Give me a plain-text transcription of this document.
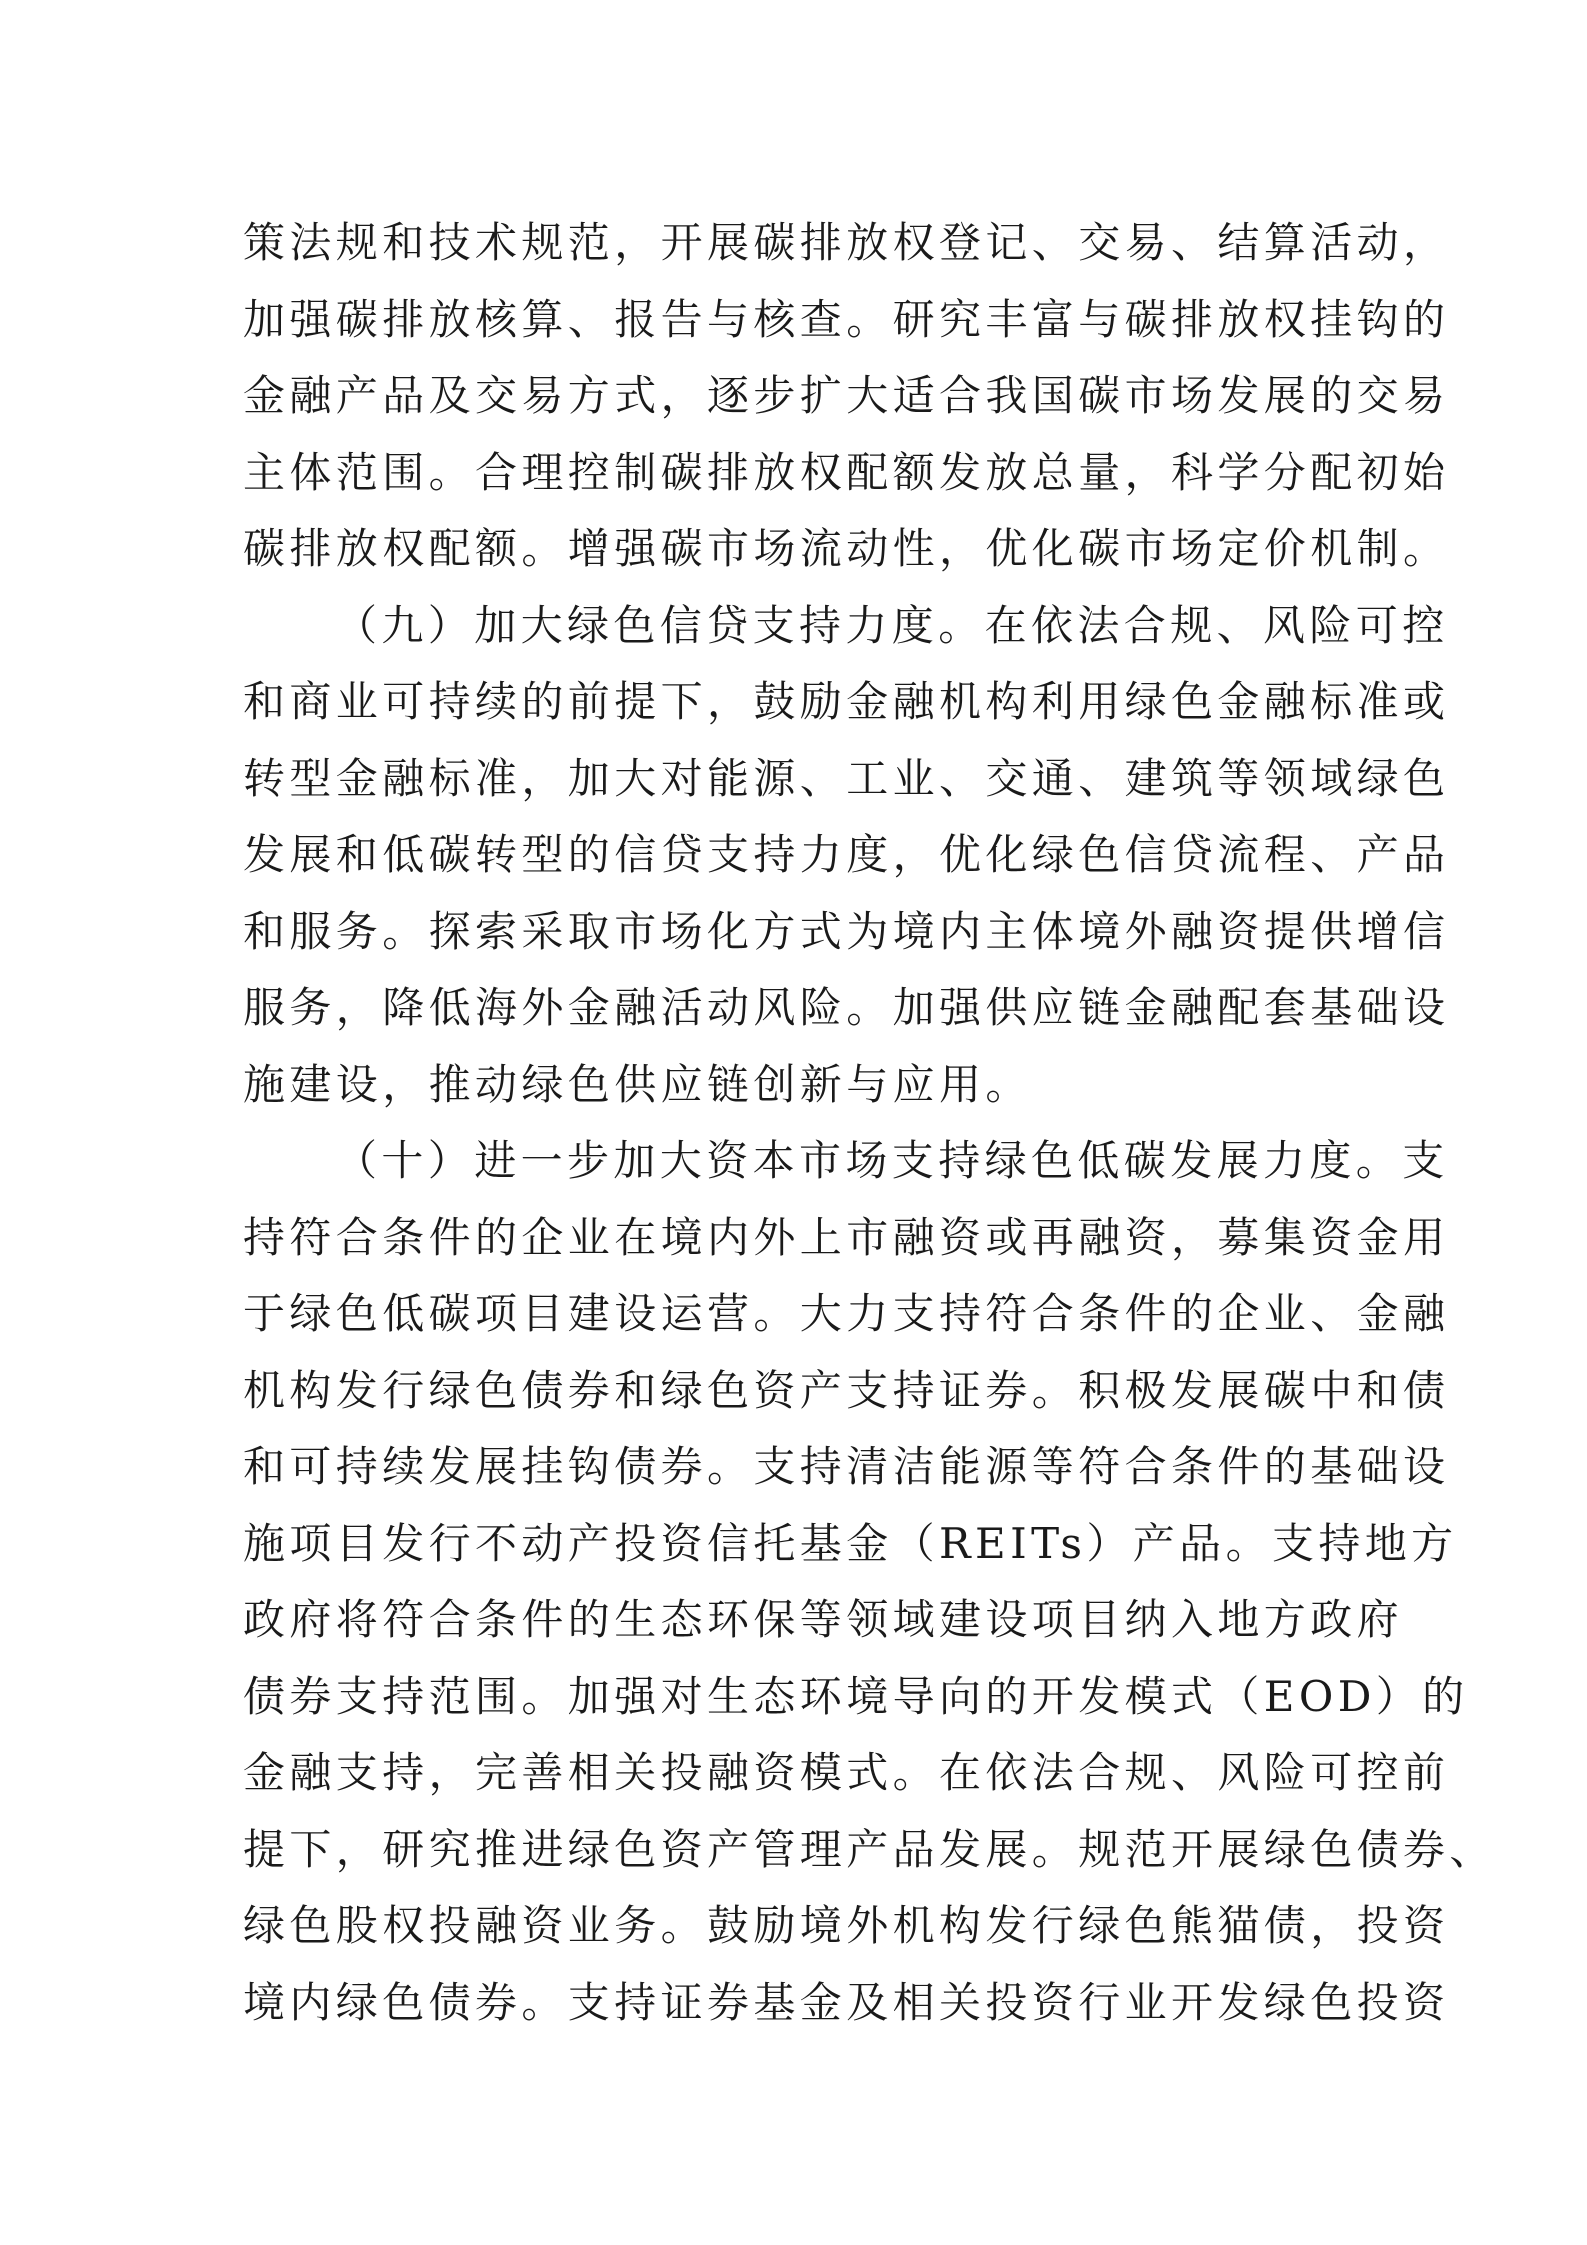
策法规和技术规范，开展碳排放权登记、交易、结算活动，
加强碳排放核算、报告与核查。研究丰富与碳排放权挂钩的
金融产品及交易方式，逐步扩大适合我国碳市场发展的交易
主体范围。合理控制碳排放权配额发放总量，科学分配初始
碳排放权配额。增强碳市场流动性，优化碳市场定价机制。
（九）加大绿色信贷支持力度。在依法合规、风险可控
和商业可持续的前提下，鼓励金融机构利用绿色金融标准或
转型金融标准，加大对能源、工业、交通、建筑等领域绿色
发展和低碳转型的信贷支持力度，优化绿色信贷流程、产品
和服务。探索采取市场化方式为境内主体境外融资提供增信
服务，降低海外金融活动风险。加强供应链金融配套基础设
施建设，推动绿色供应链创新与应用。
（十）进一步加大资本市场支持绿色低碳发展力度。支
持符合条件的企业在境内外上市融资或再融资，募集资金用
于绿色低碳项目建设运营。大力支持符合条件的企业、金融
机构发行绿色债券和绿色资产支持证券。积极发展碳中和债
和可持续发展挂钩债券。支持清洁能源等符合条件的基础设
施项目发行不动产投资信托基金（REITs）产品。支持地方
政府将符合条件的生态环保等领域建设项目纳入地方政府
债券支持范围。加强对生态环境导向的开发模式（EOD）的
金融支持，完善相关投融资模式。在依法合规、风险可控前
提下，研究推进绿色资产管理产品发展。规范开展绿色债券、
绿色股权投融资业务。鼓励境外机构发行绿色熊猫债，投资
境内绿色债券。支持证券基金及相关投资行业开发绿色投资
